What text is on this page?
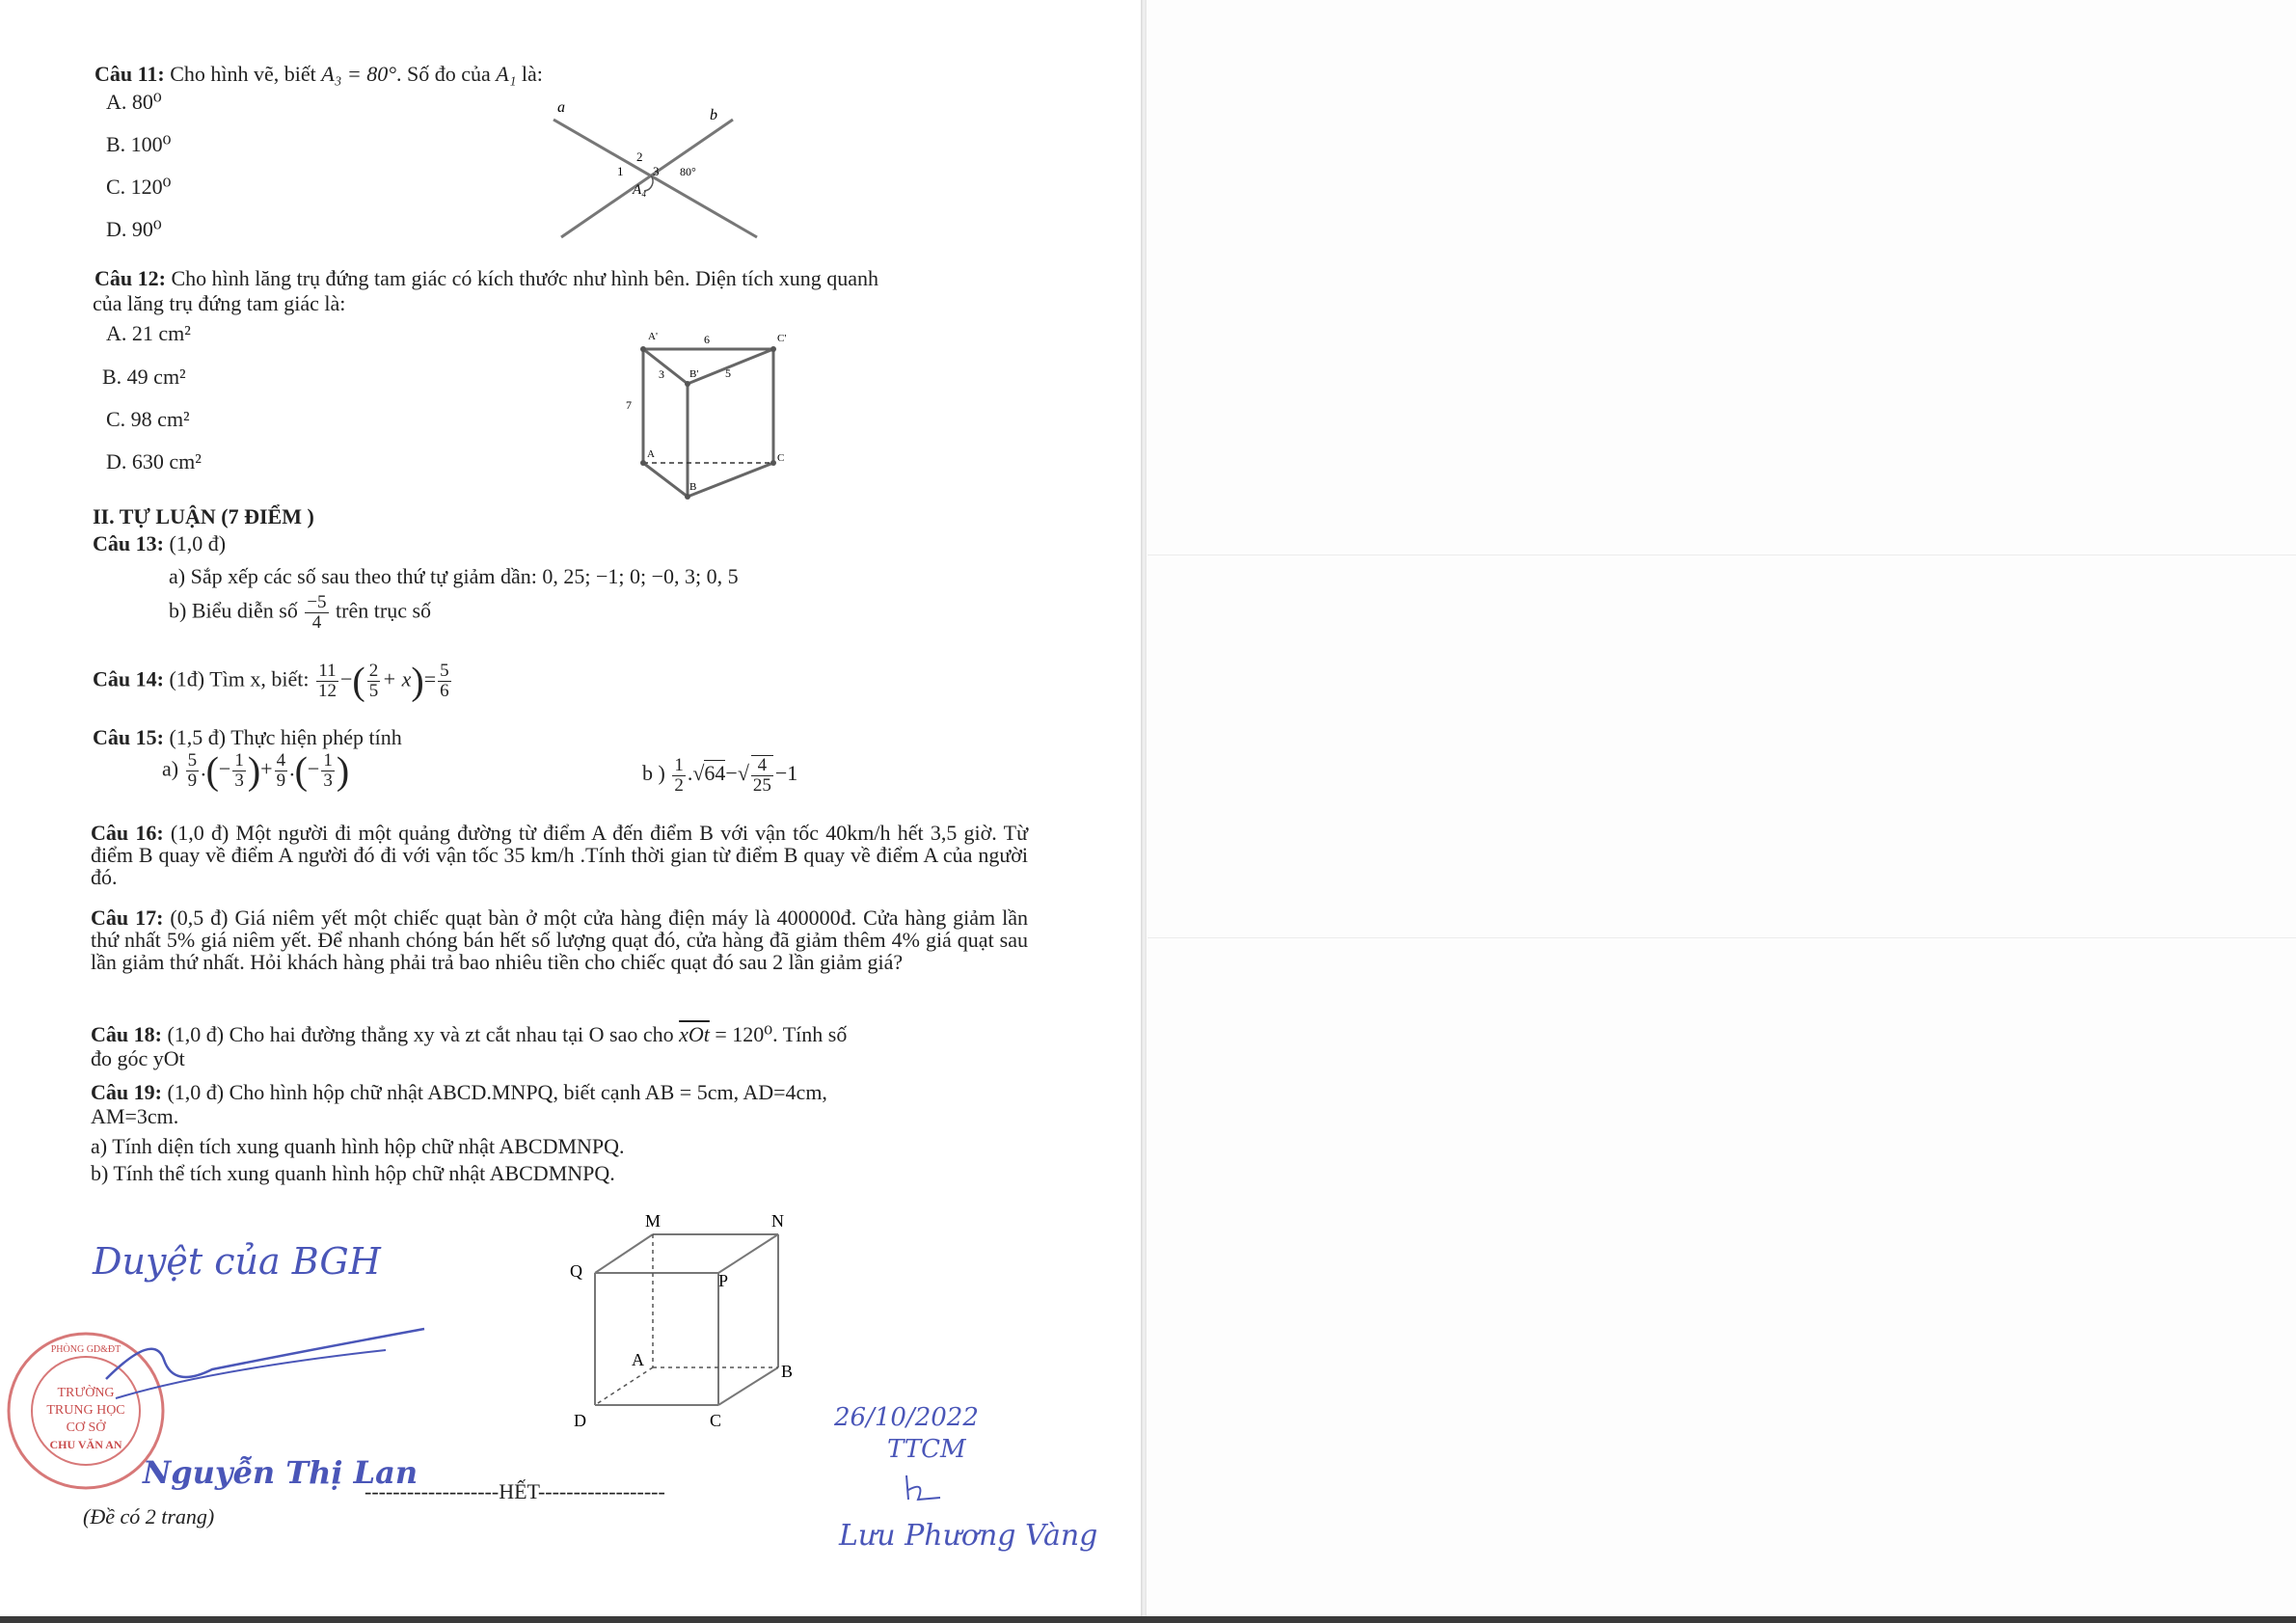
Câu 11: Cho hình vẽ, biết A₃ = 80°. Số đo của A₁ là:
A. 80⁰
B. 100⁰
C. 120⁰
D. 90⁰
a	b
1
2
3 80°
A₄
Câu 12: Cho hình lăng trụ đứng tam giác có kích thước như hình bên. Diện tích xung quanh
của lăng trụ đứng tam giác là:
A. 21 cm²
B. 49 cm²
C. 98 cm²
D. 630 cm²
A'	C'
B'
6
3	5
7
A	C
B
II. TỰ LUẬN (7 ĐIỂM )
Câu 13: (1,0 đ)
a) Sắp xếp các số sau theo thứ tự giảm dần: 0, 25; −1; 0; −0, 3; 0, 5
b) Biểu diễn số $\frac{-5}{4}$ trên trục số
Câu 14: (1đ) Tìm x, biết: $\frac{11}{12}$ −( $\frac{2}{5} + x)= \frac{5}{6}$
Câu 15: (1,5 đ) Thực hiện phép tính
$a) \frac{5}{9}$ .(− $\frac{1}{3}$ )+ $\frac{4}{9}$ .(− $\frac{1}{3}$ )	b ) $\frac{1}{2} .√64-√ \frac{4}{25} -1$
Câu 16: (1,0 đ) Một người đi một quảng đường từ điểm A đến điểm B với vận tốc 40km/h hết 3,5 giờ. Từ điểm B quay về điểm A người đó đi với vận tốc 35 km/h .Tính thời gian từ điểm B quay về điểm A của người đó.
Câu 17: (0,5 đ) Giá niêm yết một chiếc quạt bàn ở một cửa hàng điện máy là 400000đ. Cửa hàng giảm lần thứ nhất 5% giá niêm yết. Để nhanh chóng bán hết số lượng quạt đó, cửa hàng đã giảm thêm 4% giá quạt sau lần giảm thứ nhất. Hỏi khách hàng phải trả bao nhiêu tiền cho chiếc quạt đó sau 2 lần giảm giá?
Câu 18: (1,0 đ) Cho hai đường thẳng xy và zt cắt nhau tại O sao cho $\overline{xOt} = 120^0$. Tính số
đo góc yOt
Câu 19: (1,0 đ) Cho hình hộp chữ nhật ABCD.MNPQ, biết cạnh AB = 5cm, AD=4cm,
AM=3cm.
a) Tính diện tích xung quanh hình hộp chữ nhật ABCDMNPQ.
b) Tính thể tích xung quanh hình hộp chữ nhật ABCDMNPQ.
M	N
Q	P
A
B
D	C
Duyệt của BGH
TRƯỜNG
TRUNG HỌC
CƠ SỞ
CHU VĂN AN
PHÒNG GD&ĐT
Nguyễn Thị Lan
-------------------HẾT------------------
(Đề có 2 trang)
26/10/2022
TTCM
Lưu Phương Vàng
